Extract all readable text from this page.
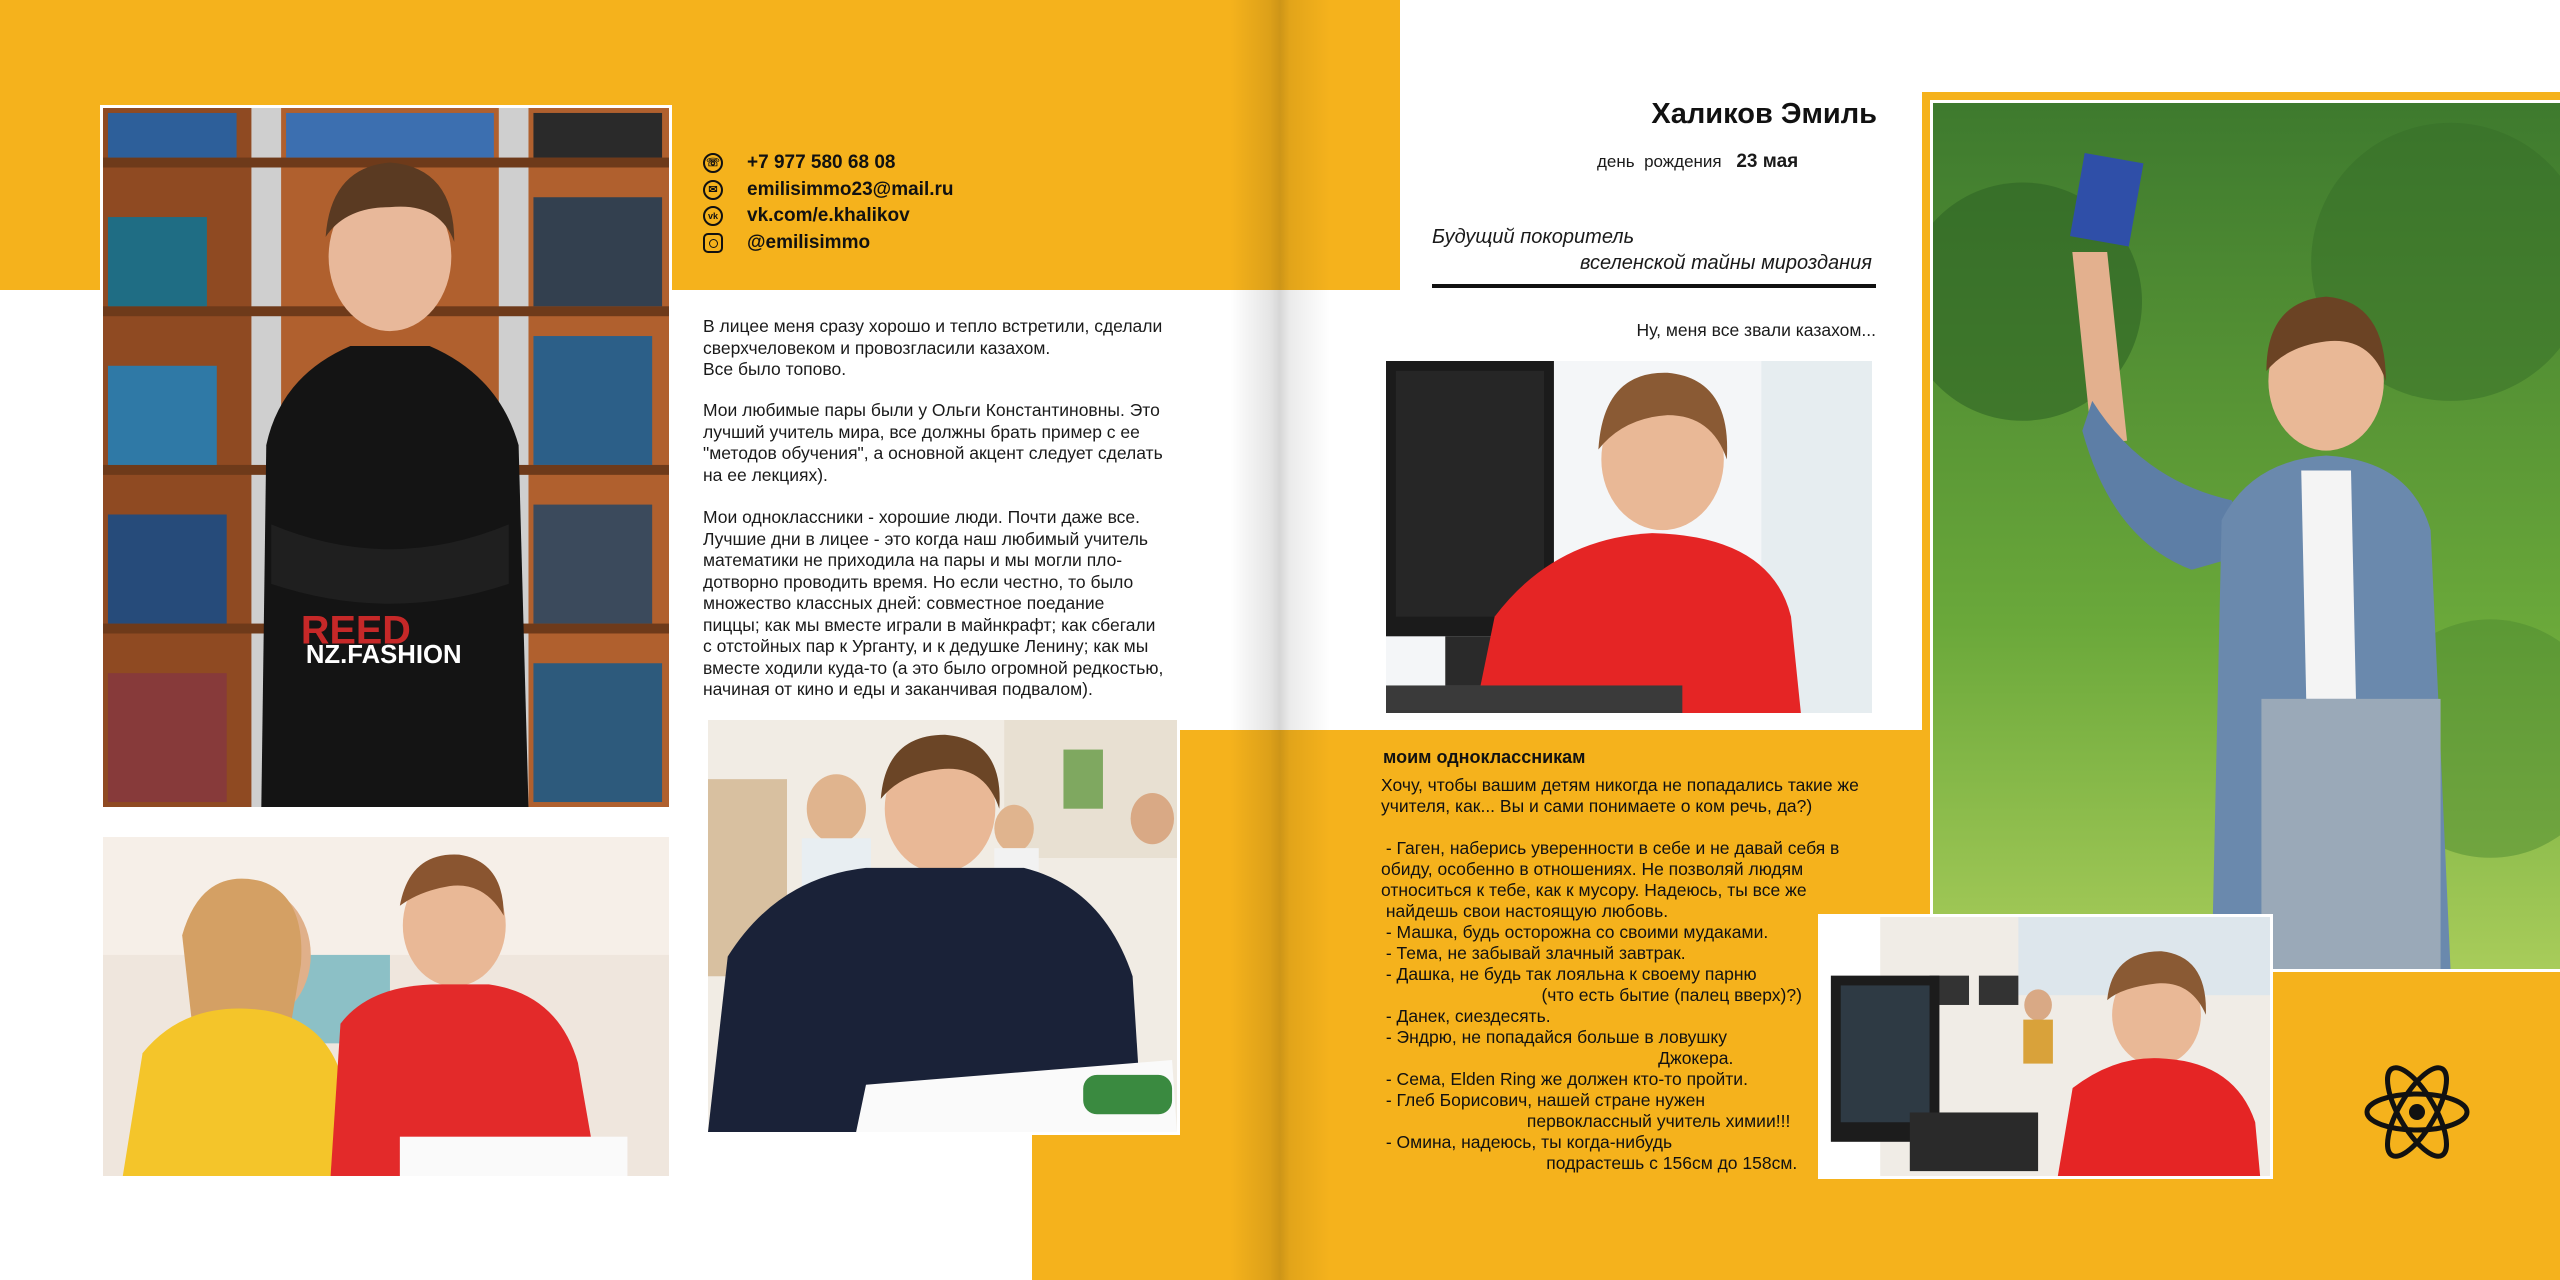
REED
NZ.FASHION
☏ +7 977 580 68 08
✉ emilisimmo23@mail.ru
vk vk.com/e.khalikov
@emilisimmo
В лицее меня сразу хорошо и тепло встретили, сделали
сверхчеловеком и провозгласили казахом.
Все было топово.
Мои любимые пары были у Ольги Константиновны. Это
лучший учитель мира, все должны брать пример с ее
"методов обучения", а основной акцент следует сделать
на ее лекциях).
Мои одноклассники - хорошие люди. Почти даже все.
Лучшие дни в лицее - это когда наш любимый учитель
математики не приходила на пары и мы могли пло-
дотворно проводить время. Но если честно, то было
множество классных дней: совместное поедание
пиццы; как мы вместе играли в майнкрафт; как сбегали
с отстойных пар к Урганту, и к дедушке Ленину; как мы
вместе ходили куда-то (а это было огромной редкостью,
начиная от кино и еды и заканчивая подвалом).
Халиков Эмиль
день  рождения 23 мая
Будущий покоритель
вселенской тайны мироздания
Ну, меня все звали казахом...
моим одноклассникам
Хочу, чтобы вашим детям никогда не попадались такие же
учителя, как... Вы и сами понимаете о ком речь, да?)
- Гаген, наберись уверенности в себе и не давай себя
обиду, особенно в отношениях. Не позволяй людям
относиться к тебе, как к мусору. Надеюсь, ты все же
найдешь свои настоящую любовь.
- Машка, будь осторожна со своими мудаками.
- Тема, не забывай злачный завтрак.
- Дашка, не будь так лояльна к своему парню
(что есть бытие (палец вверх)?)
- Данек, сиездесять.
- Эндрю, не попадайся больше в ловушку
Джокера.
- Сема, Elden Ring же должен кто-то пройти.
- Глеб Борисович, нашей стране нужен
первоклассный учитель химии!!!
- Омина, надеюсь, ты когда-нибудь
подрастешь с 156см до 158см.
